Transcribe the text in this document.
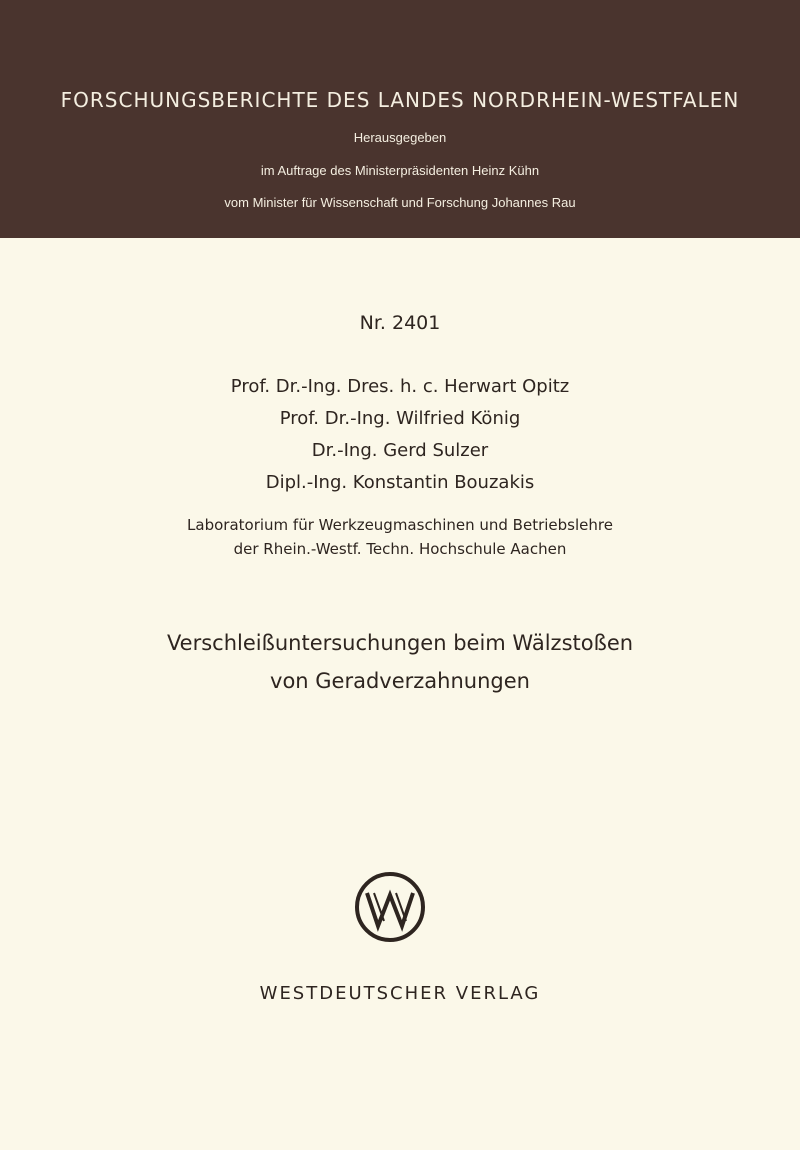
FORSCHUNGSBERICHTE DES LANDES NORDRHEIN-WESTFALEN
Herausgegeben
im Auftrage des Ministerpräsidenten Heinz Kühn
vom Minister für Wissenschaft und Forschung Johannes Rau
Nr. 2401
Prof. Dr.-Ing. Dres. h. c. Herwart Opitz
Prof. Dr.-Ing. Wilfried König
Dr.-Ing. Gerd Sulzer
Dipl.-Ing. Konstantin Bouzakis
Laboratorium für Werkzeugmaschinen und Betriebslehre
der Rhein.-Westf. Techn. Hochschule Aachen
Verschleißuntersuchungen beim Wälzstoßen
von Geradverzahnungen
WESTDEUTSCHER VERLAG
